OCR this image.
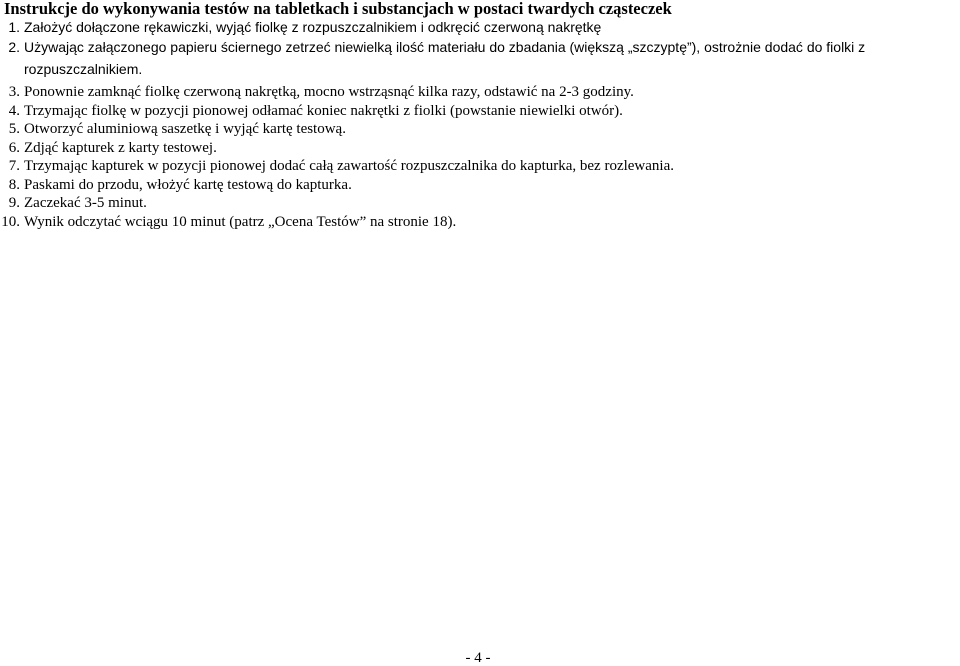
Instrukcje do wykonywania testów na tabletkach i substancjach w postaci twardych cząsteczek
1. Założyć dołączone rękawiczki, wyjąć fiolkę z rozpuszczalnikiem i odkręcić czerwoną nakrętkę
2. Używając załączonego papieru ściernego zetrzeć niewielką ilość materiału do zbadania (większą „szczyptę”), ostrożnie dodać do fiolki z rozpuszczalnikiem.
3. Ponownie zamknąć fiolkę czerwoną nakrętką, mocno wstrząsnąć kilka razy, odstawić na 2-3 godziny.
4. Trzymając fiolkę w pozycji pionowej odłamać koniec nakrętki z fiolki (powstanie niewielki otwór).
5. Otworzyć aluminiową saszetkę i wyjąć kartę testową.
6. Zdjąć kapturek z karty testowej.
7. Trzymając kapturek w pozycji pionowej dodać całą zawartość rozpuszczalnika do kapturka, bez rozlewania.
8. Paskami do przodu, włożyć kartę testową do kapturka.
9. Zaczekać 3-5 minut.
10. Wynik odczytać wciągu 10 minut (patrz „Ocena Testów” na stronie 18).

- 4 -
